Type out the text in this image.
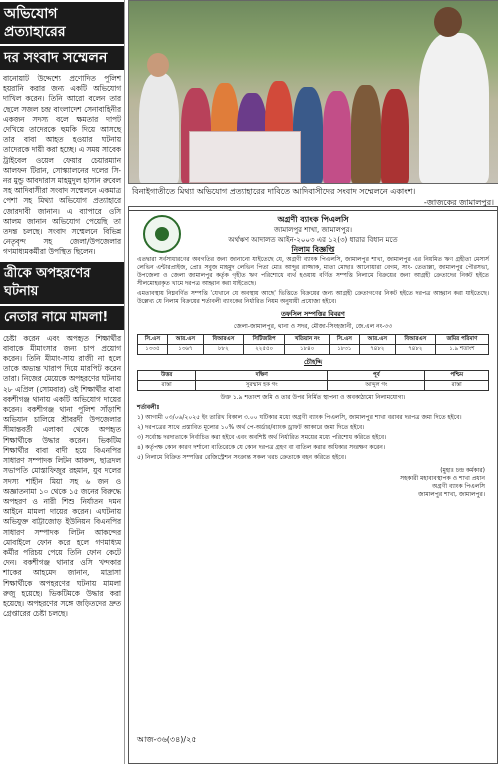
অভিযোগ প্রত্যাহারের
দর সংবাদ সম্মেলন
বানোয়াট উদ্দেশ্যে প্রণোদিত পুলিশ হয়রানি করার জন্য একটি অভিযোগ দাখিল করেন। তিনি আরো বলেন তার ছেলে সজল চন্দ্র বাংলাদেশ সেনাবাহিনীর একজন সদস্য বলে ক্ষমতার দাপট দেখিয়ে তাদেরকে হুমকি দিয়ে আসছে তার বাবা আহত হওয়ার ঘটনায় তাদেরকে দায়ী করা হচ্ছে। এ সময় সাবেক ট্রাইবেল ওয়েল ফেয়ার চেয়ারম্যান আলফন টিরান, সোস্ক্যালনের দলের সি-নর মুন্ডু আবদারাস মাহমুদুল হাসান রুবেল সহ আদিবাসীরা সংবাদ সম্মেলনে একমাত্র পেশা সহ মিথ্যা অভিযোগ প্রত্যাহারে জোরদাবী জানান। এ ব্যাপারে ওসি আলম জানান অভিযোগ পেয়েছি তা তদন্ত চলছে। সংবাদ সম্মেলনে বিভিন্ন নেতৃবৃন্দ সহ জেলা/উপজেলার গণমাধ্যমকর্মীরা উপস্থিত ছিলেন।
ত্রীকে অপহরণের ঘটনায়
নেতার নামে মামলা!
চেষ্টা করেন এবং অপহৃত শিক্ষার্থীর বাবাকে মীমাংসার জন্য চাপ প্রয়োগ করেন। তিনি মীমাং-সায় রাজী না হলে তাকে অভ্যন্ত খারাপ দিয়ে মারপিট করেন তারা। নিজের মেয়েকে অপহরণের ঘটনায় ২৮ এপ্রিল (সোমবার) ওই শিক্ষার্থীর বাবা বকশীগঞ্জ থানায় একটি অভিযোগ দায়ের করেন। বকশীগঞ্জ থানা পুলিশ সাঁড়াশি অভিযান চালিয়ে শ্রীবরদী উপজেলার সীমান্তবর্তী এলাকা থেকে অপহৃত শিক্ষার্থীকে উদ্ধার করেন। ভিকটিম শিক্ষার্থীর বাবা বাদী হয়ে বিএনপির সাধারণ সম্পাদক লিটন আকন্দ, ছাত্রদল সভাপতি মোস্তাফিজুর রহমান, যুব দলের সদস্য শাহীন মিয়া সহ ৬ জন ও অজ্ঞাতনামা ১০ থেকে ১৫ জনের বিরুদ্ধে অপহরণ ও নারী শিশু নির্যাতন দমন আইনে মামলা দায়ের করেন। এঘটনায় অভিযুক্ত বাট্টাজোড় ইউনিয়ন বিএনপির সাধারণ সম্পাদক লিটন আকন্দের মোবাইলে ফোন করে হলে গণমাধ্যম কর্মীর পরিচয় পেয়ে তিনি ফোন কেটে দেন। বকশীগঞ্জ থানার ওসি খন্দকার শাকের আহমেদ জানান, মাদ্রাসা শিক্ষার্থীকে অপহরণের ঘটনায় মামলা রুজু হয়েছে। ভিকটিমকে উদ্ধার করা হয়েছে। অপহরণের সঙ্গে জড়িতদের দ্রুত গ্রেপ্তারের চেষ্টা চলছে।
বিনাইগাতীতে মিথ্যা অভিযোগ প্রত্যাহারের দাবিতে আদিবাসীদের সংবাদ সম্মেলনে একাংশ।
-জাজকের জামালপুর।
অগ্রণী ব্যাংক পিএলসি
জামালপুর শাখা, জামালপুর।
অর্থঋণ আদালত আইন-২০০৩ এর ১২(৩) ধারার বিধান মতে
নিলাম বিজ্ঞপ্তি
এতদ্বারা সর্বসাধারণের অবগতির জন্য জানানো যাইতেছে যে, অগ্রণী ব্যাংক পিএলসি, জামালপুর শাখা, জামালপুর এর নিয়মিত ঋণ গ্রহীতা মেসার্স লেভিন এন্টারপ্রাইজ, প্রোঃ সবুজ মাহমুদ লেভিন পিতা মোঃ আব্দুর রাজ্জাক, মাতা মোছাঃ আনোয়ারা বেগম, সাং- তেতাল্লা, জামালপুর পৌরসভা, উপজেলা ও জেলা জামালপুর কর্তৃক গৃহীত ঋণ পরিশোধে ব্যর্থ হওয়ায় বর্ণিত সম্পত্তি নিলামে বিক্রয়ের জন্য আগ্রহী ক্রেতাদের নিকট হইতে সীলমোহরকৃত খামে দরপত্র আহ্বান করা যাইতেছে।
এমতাবস্থায় নিম্নবর্ণিত সম্পত্তি 'যেখানে যে অবস্থায় আছে' ভিত্তিতে বিক্রয়ের জন্য আগ্রহী ক্রেতাগণের নিকট হইতে দরপত্র আহ্বান করা যাইতেছে। উল্লেখ্য যে নিলাম বিক্রয়ের শর্তাবলী ব্যাংকের নির্ধারিত নিয়ম অনুযায়ী প্রযোজ্য হইবে।
তফসিল সম্পত্তির বিবরণ
জেলা-জামালপুর, থানা ও সদর, মৌজা-সিংহজানী, জে.এল নং-৩৩
সি.এস	আর.এস	বিআরএস	সিটিজরিপ	খতিয়ান নং	সি.এস	আর.এস	বিআরএস	জমির পরিমাণ
১৩৩৫	১৩৬৭	৮৮২	২২৫৫০	১৮৪০	১৮৩১	৭৪৮২	৭৪৮২	১.৯ শতাংশ
চৌহদ্দি
উত্তর	দক্ষিণ	পূর্ব	পশ্চিম
রাস্তা	সুরম্মান হক গং	আব্দুল গং	রাস্তা
উক্ত ১.৯ শতাংশ জমি ও তার উপর নির্মিত স্থাপনা ও অবকাঠামো নিলামযোগ্য।
শর্তাবলীঃ
১) আগামী ০৩/০৬/২০২৫ ইং তারিখ বিকাল ৩.০০ ঘটিকার মধ্যে অগ্রণী ব্যাংক পিএলসি, জামালপুর শাখা বরাবর দরপত্র জমা দিতে হইবে।
২) দরপত্রের সাথে প্রস্তাবিত মূল্যের ১০% অর্থ পে-অর্ডার/ব্যাংক ড্রাফট আকারে জমা দিতে হইবে।
৩) সর্বোচ্চ দরদাতাকে নির্বাচিত করা হইবে এবং অবশিষ্ট অর্থ নির্ধারিত সময়ের মধ্যে পরিশোধ করিতে হইবে।
৪) কর্তৃপক্ষ কোন কারণ দর্শানো ব্যতিরেকে যে কোন দরপত্র গ্রহণ বা বাতিল করার অধিকার সংরক্ষণ করেন।
৫) নিলামে বিক্রিত সম্পত্তির রেজিস্ট্রেশন সংক্রান্ত সকল খরচ ক্রেতাকে বহন করিতে হইবে।
(মুহাঃ চন্দ্র কর্মকার)
সহকারী মহাব্যবস্থাপক ও শাখা প্রধান
অগ্রণী ব্যাংক পিএলসি
জামালপুর শাখা, জামালপুর।
আজ-৩৬(৩৪)/২৫
